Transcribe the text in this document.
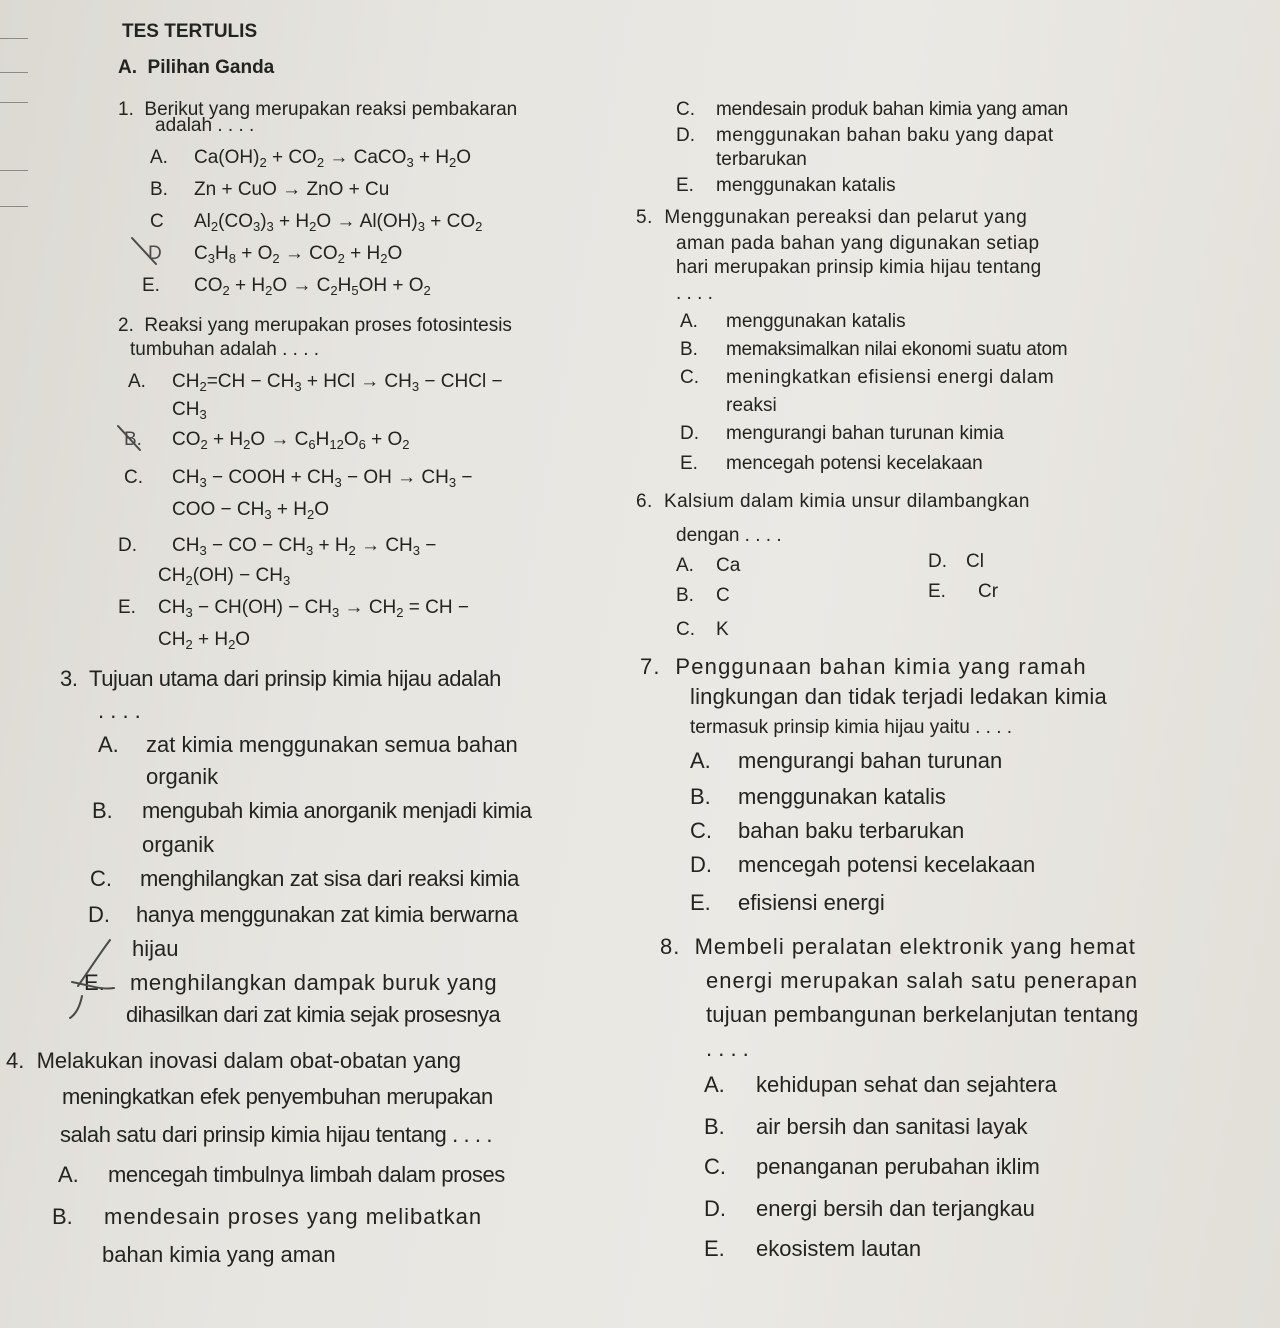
TES TERTULIS
A.  Pilihan Ganda
1.  Berikut yang merupakan reaksi pembakaran
adalah . . . .
A. $Ca(OH)_2 + CO_2$ → CaCO$_3$ + $H_2O$
B. Zn + CuO → ZnO + Cu
C $Al_2(CO_3)_3 + H_2O \to Al(OH)_3 + CO_2$
D $C_3H_8 + O_2 \to CO_2 + H_2O$
E. $CO_2 + H_2O \to C_2H_5OH + O_2$
2.  Reaksi yang merupakan proses fotosintesis
tumbuhan adalah . . . .
A. $CH_2=CH - CH_3$ + HCl → $CH_3$ − CHCl −
$CH_3$
B. $CO_2 + H_2O \to C_6H_{12}O_6 + O_2$
C. $CH_3$ − COOH + $CH_3$ − OH → $CH_3$ −
COO − $CH_3 + H_2O$
D. $CH_3$ − CO − $CH_3 + H_2 \to CH_3$ −
$CH_2(OH) - CH_3$
E. $CH_3 - CH(OH) - CH_3 \to CH_2$ = CH −
$CH_2 + H_2O$
3.  Tujuan utama dari prinsip kimia hijau adalah
. . . .
A. zat kimia menggunakan semua bahan
organik
B. mengubah kimia anorganik menjadi kimia
organik
C. menghilangkan zat sisa dari reaksi kimia
D. hanya menggunakan zat kimia berwarna
hijau
E. menghilangkan dampak buruk yang
dihasilkan dari zat kimia sejak prosesnya
4.  Melakukan inovasi dalam obat-obatan yang
meningkatkan efek penyembuhan merupakan
salah satu dari prinsip kimia hijau tentang . . . .
A. mencegah timbulnya limbah dalam proses
B. mendesain proses yang melibatkan
bahan kimia yang aman
C. mendesain produk bahan kimia yang aman
D. menggunakan bahan baku yang dapat
terbarukan
E. menggunakan katalis
5.  Menggunakan pereaksi dan pelarut yang
aman pada bahan yang digunakan setiap
hari merupakan prinsip kimia hijau tentang
. . . .
A. menggunakan katalis
B. memaksimalkan nilai ekonomi suatu atom
C. meningkatkan efisiensi energi dalam
reaksi
D. mengurangi bahan turunan kimia
E. mencegah potensi kecelakaan
6.  Kalsium dalam kimia unsur dilambangkan
dengan . . . .
A. Ca
B. C
C. K
D. Cl
E. Cr
7.  Penggunaan bahan kimia yang ramah
lingkungan dan tidak terjadi ledakan kimia
termasuk prinsip kimia hijau yaitu . . . .
A. mengurangi bahan turunan
B. menggunakan katalis
C. bahan baku terbarukan
D. mencegah potensi kecelakaan
E. efisiensi energi
8.  Membeli peralatan elektronik yang hemat
energi merupakan salah satu penerapan
tujuan pembangunan berkelanjutan tentang
. . . .
A. kehidupan sehat dan sejahtera
B. air bersih dan sanitasi layak
C. penanganan perubahan iklim
D. energi bersih dan terjangkau
E. ekosistem lautan
